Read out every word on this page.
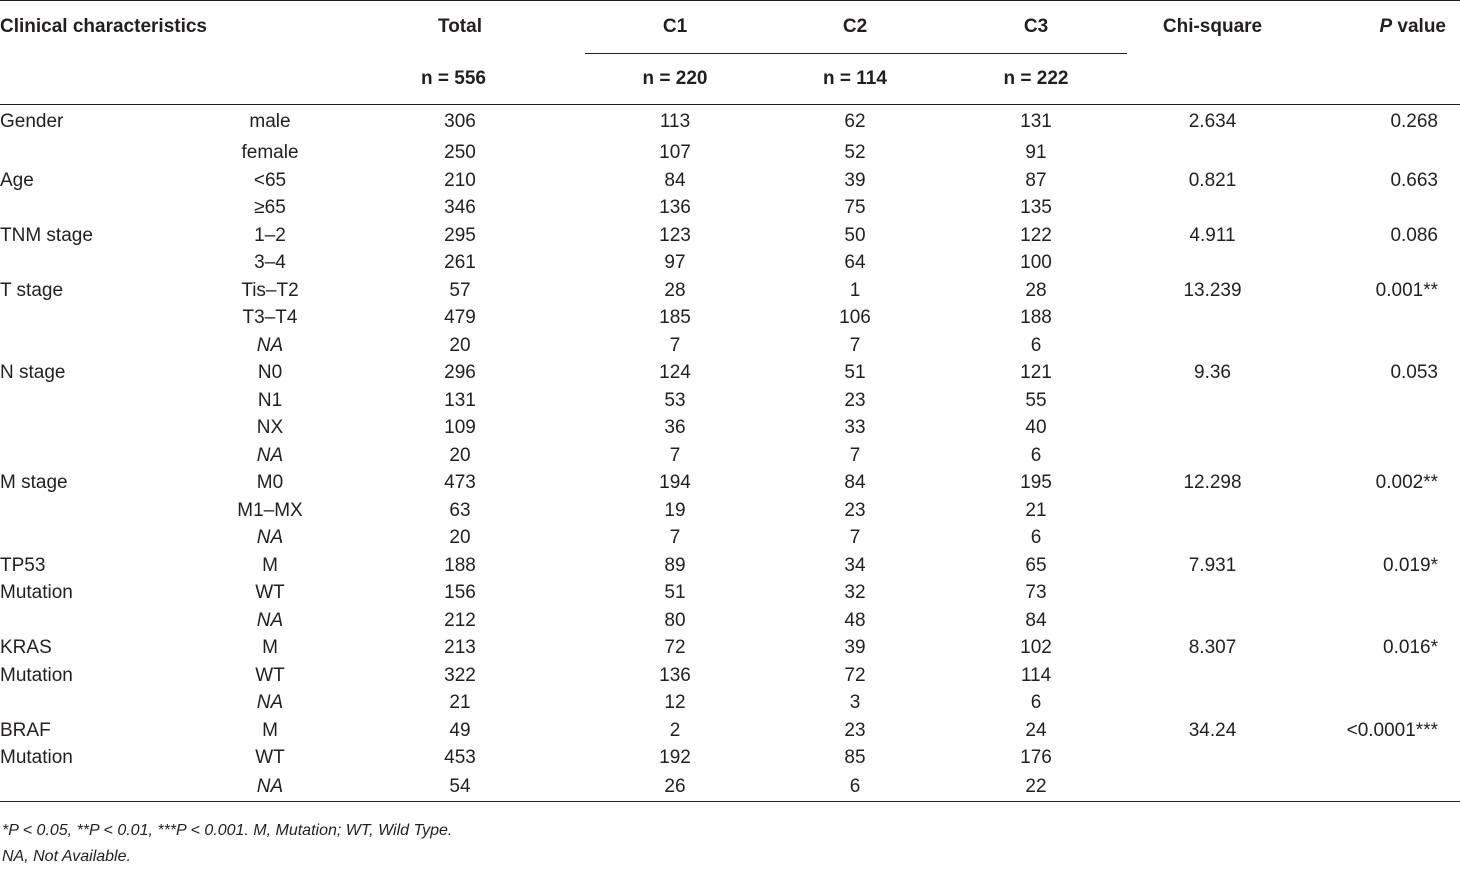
Clinical characteristics		Total	C1	C2	C3	Chi-square	P value
		n = 556	n = 220	n = 114	n = 222		
Gender	male	306	113	62	131	2.634	0.268
	female	250	107	52	91		
Age	<65	210	84	39	87	0.821	0.663
	≥65	346	136	75	135		
TNM stage	1–2	295	123	50	122	4.911	0.086
	3–4	261	97	64	100		
T stage	Tis–T2	57	28	1	28	13.239	0.001**
	T3–T4	479	185	106	188		
	NA	20	7	7	6		
N stage	N0	296	124	51	121	9.36	0.053
	N1	131	53	23	55		
	NX	109	36	33	40		
	NA	20	7	7	6		
M stage	M0	473	194	84	195	12.298	0.002**
	M1–MX	63	19	23	21		
	NA	20	7	7	6		
TP53	M	188	89	34	65	7.931	0.019*
Mutation	WT	156	51	32	73		
	NA	212	80	48	84		
KRAS	M	213	72	39	102	8.307	0.016*
Mutation	WT	322	136	72	114		
	NA	21	12	3	6		
BRAF	M	49	2	23	24	34.24	<0.0001***
Mutation	WT	453	192	85	176		
	NA	54	26	6	22		
*P < 0.05, **P < 0.01, ***P < 0.001. M, Mutation; WT, Wild Type.
NA, Not Available.
